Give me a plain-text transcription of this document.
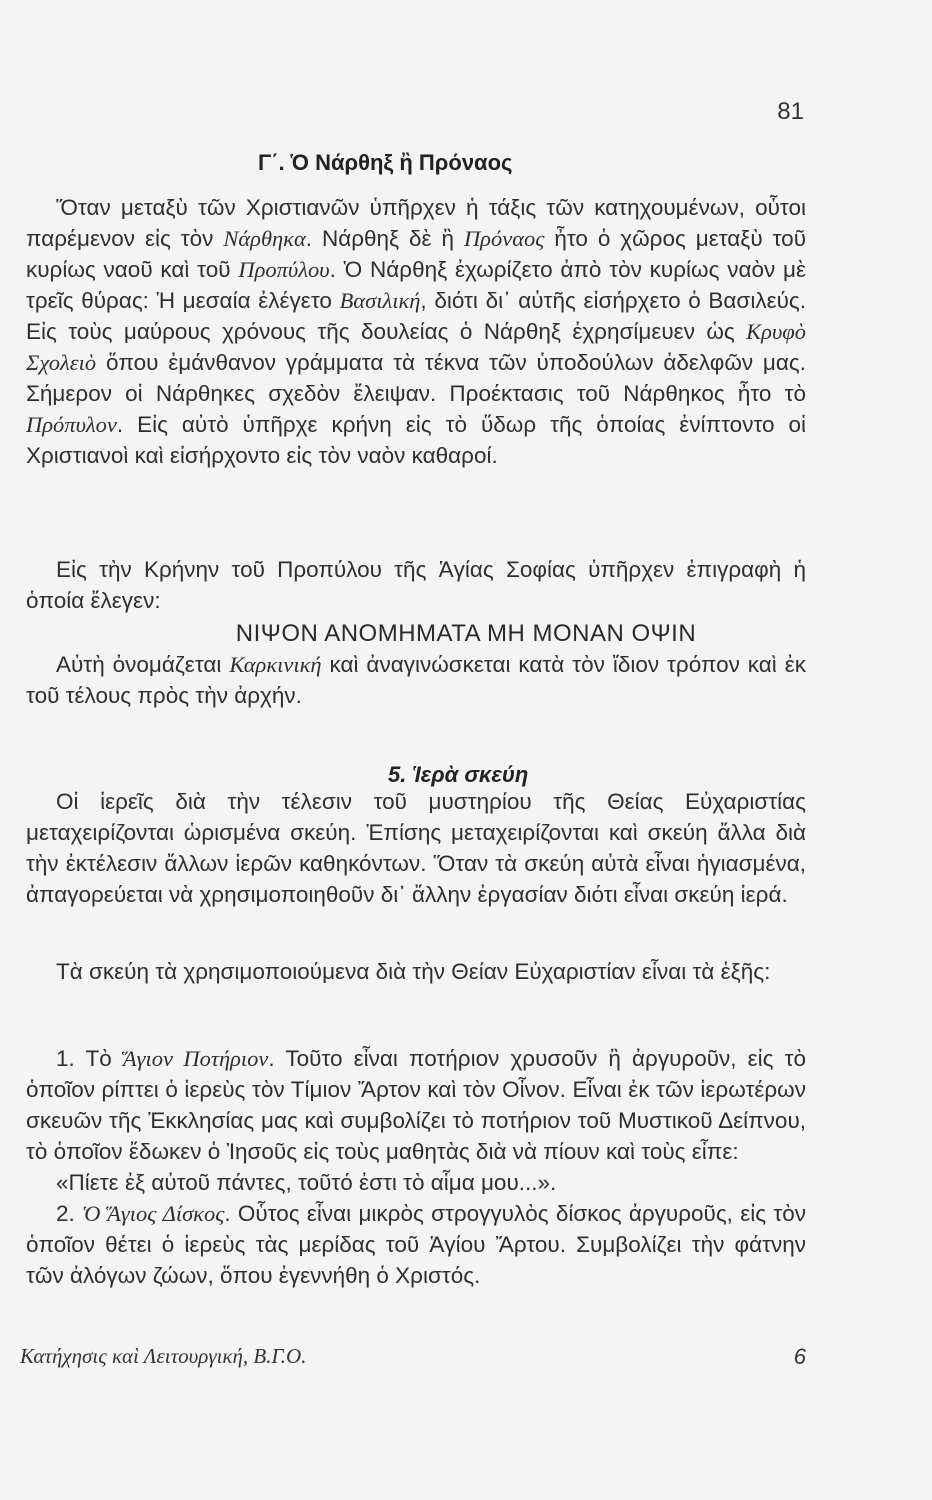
81
Γ΄. Ὁ Νάρθηξ ἢ Πρόναος

Ὅταν μεταξὺ τῶν Χριστιανῶν ὑπῆρχεν ἡ τάξις τῶν κατηχουμένων, οὗτοι παρέμενον εἰς τὸν Νάρθηκα. Νάρθηξ δὲ ἢ Πρόναος ἦτο ὁ χῶρος μεταξὺ τοῦ κυρίως ναοῦ καὶ τοῦ Προπύλου. Ὁ Νάρθηξ ἐχωρίζετο ἀπὸ τὸν κυρίως ναὸν μὲ τρεῖς θύρας: Ἡ μεσαία ἐλέγετο Βασιλική, διότι δι᾽ αὐτῆς εἰσήρχετο ὁ Βασιλεύς. Εἰς τοὺς μαύρους χρόνους τῆς δουλείας ὁ Νάρθηξ ἐχρησίμευεν ὡς Κρυφὸ Σχολειὸ ὅπου ἐμάνθανον γράμματα τὰ τέκνα τῶν ὑποδούλων ἀδελφῶν μας. Σήμερον οἱ Νάρθηκες σχεδὸν ἔλειψαν. Προέκτασις τοῦ Νάρθηκος ἦτο τὸ Πρόπυλον. Εἰς αὐτὸ ὑπῆρχε κρήνη εἰς τὸ ὕδωρ τῆς ὁποίας ἐνίπτοντο οἱ Χριστιανοὶ καὶ εἰσήρχοντο εἰς τὸν ναὸν καθαροί.

Εἰς τὴν Κρήνην τοῦ Προπύλου τῆς Ἁγίας Σοφίας ὑπῆρχεν ἐπιγραφὴ ἡ ὁποία ἔλεγεν:

ΝΙΨΟΝ ΑΝΟΜΗΜΑΤΑ ΜΗ ΜΟΝΑΝ ΟΨΙΝ

Αὐτὴ ὀνομάζεται Καρκινική καὶ ἀναγινώσκεται κατὰ τὸν ἴδιον τρόπον καὶ ἐκ τοῦ τέλους πρὸς τὴν ἀρχήν.

5. Ἱερὰ σκεύη

Οἱ ἱερεῖς διὰ τὴν τέλεσιν τοῦ μυστηρίου τῆς Θείας Εὐχαριστίας μεταχειρίζονται ὡρισμένα σκεύη. Ἐπίσης μεταχειρίζονται καὶ σκεύη ἄλλα διὰ τὴν ἐκτέλεσιν ἄλλων ἱερῶν καθηκόντων. Ὅταν τὰ σκεύη αὐτὰ εἶναι ἡγιασμένα, ἀπαγορεύεται νὰ χρησιμοποιηθοῦν δι᾽ ἄλλην ἐργασίαν διότι εἶναι σκεύη ἱερά.

Τὰ σκεύη τὰ χρησιμοποιούμενα διὰ τὴν Θείαν Εὐχαριστίαν εἶναι τὰ ἑξῆς:

1. Τὸ Ἅγιον Ποτήριον. Τοῦτο εἶναι ποτήριον χρυσοῦν ἢ ἀργυροῦν, εἰς τὸ ὁποῖον ρίπτει ὁ ἱερεὺς τὸν Τίμιον Ἄρτον καὶ τὸν Οἶνον. Εἶναι ἐκ τῶν ἱερωτέρων σκευῶν τῆς Ἐκκλησίας μας καὶ συμβολίζει τὸ ποτήριον τοῦ Μυστικοῦ Δείπνου, τὸ ὁποῖον ἔδωκεν ὁ Ἰησοῦς εἰς τοὺς μαθητὰς διὰ νὰ πίουν καὶ τοὺς εἶπε:

«Πίετε ἐξ αὐτοῦ πάντες, τοῦτό ἐστι τὸ αἷμα μου...».

2. Ὁ Ἅγιος Δίσκος. Οὗτος εἶναι μικρὸς στρογγυλὸς δίσκος ἀργυροῦς, εἰς τὸν ὁποῖον θέτει ὁ ἱερεὺς τὰς μερίδας τοῦ Ἁγίου Ἄρτου. Συμβολίζει τὴν φάτνην τῶν ἀλόγων ζώων, ὅπου ἐγεννήθη ὁ Χριστός.

Κατήχησις καὶ Λειτουργική, Β.Γ.Ο.	6
